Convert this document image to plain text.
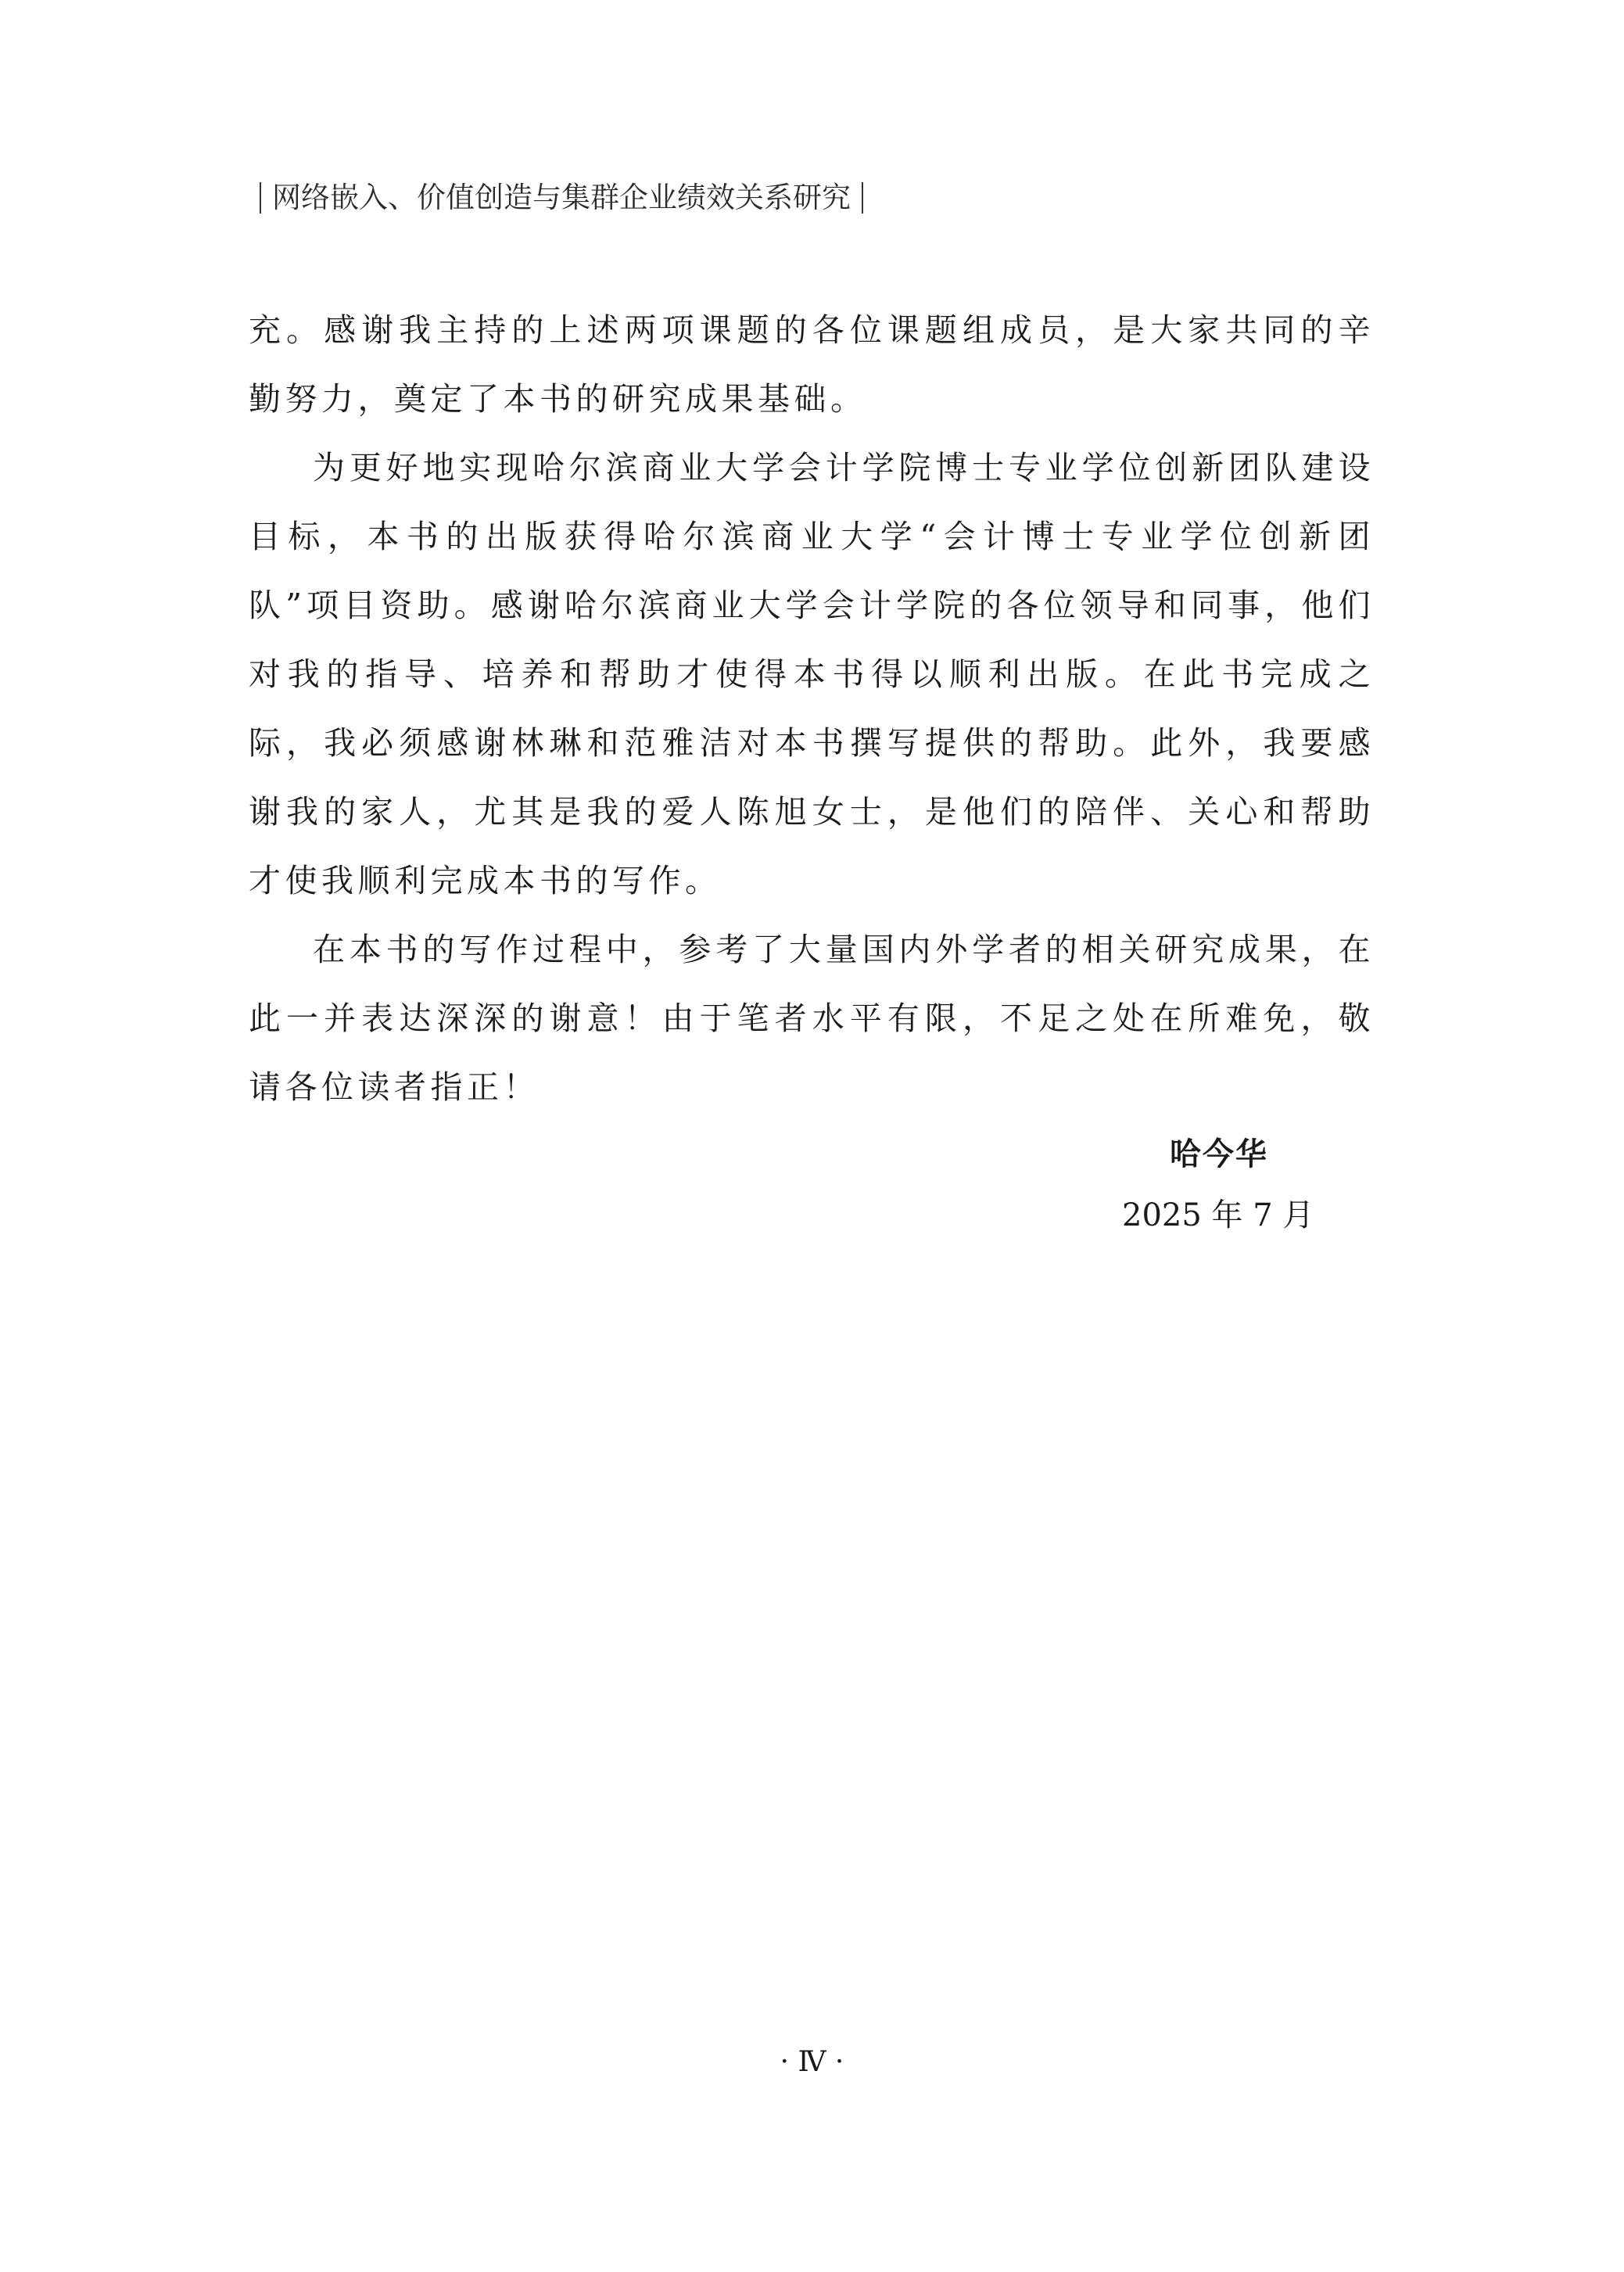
网络嵌入、价值创造与集群企业绩效关系研究

充。感谢我主持的上述两项课题的各位课题组成员，是大家共同的辛勤努力，奠定了本书的研究成果基础。

为更好地实现哈尔滨商业大学会计学院博士专业学位创新团队建设目标，本书的出版获得哈尔滨商业大学“会计博士专业学位创新团队”项目资助。感谢哈尔滨商业大学会计学院的各位领导和同事，他们对我的指导、培养和帮助才使得本书得以顺利出版。在此书完成之际，我必须感谢林琳和范雅洁对本书撰写提供的帮助。此外，我要感谢我的家人，尤其是我的爱人陈旭女士，是他们的陪伴、关心和帮助才使我顺利完成本书的写作。

在本书的写作过程中，参考了大量国内外学者的相关研究成果，在此一并表达深深的谢意！由于笔者水平有限，不足之处在所难免，敬请各位读者指正！

哈今华
2025 年 7 月
· Ⅳ ·
